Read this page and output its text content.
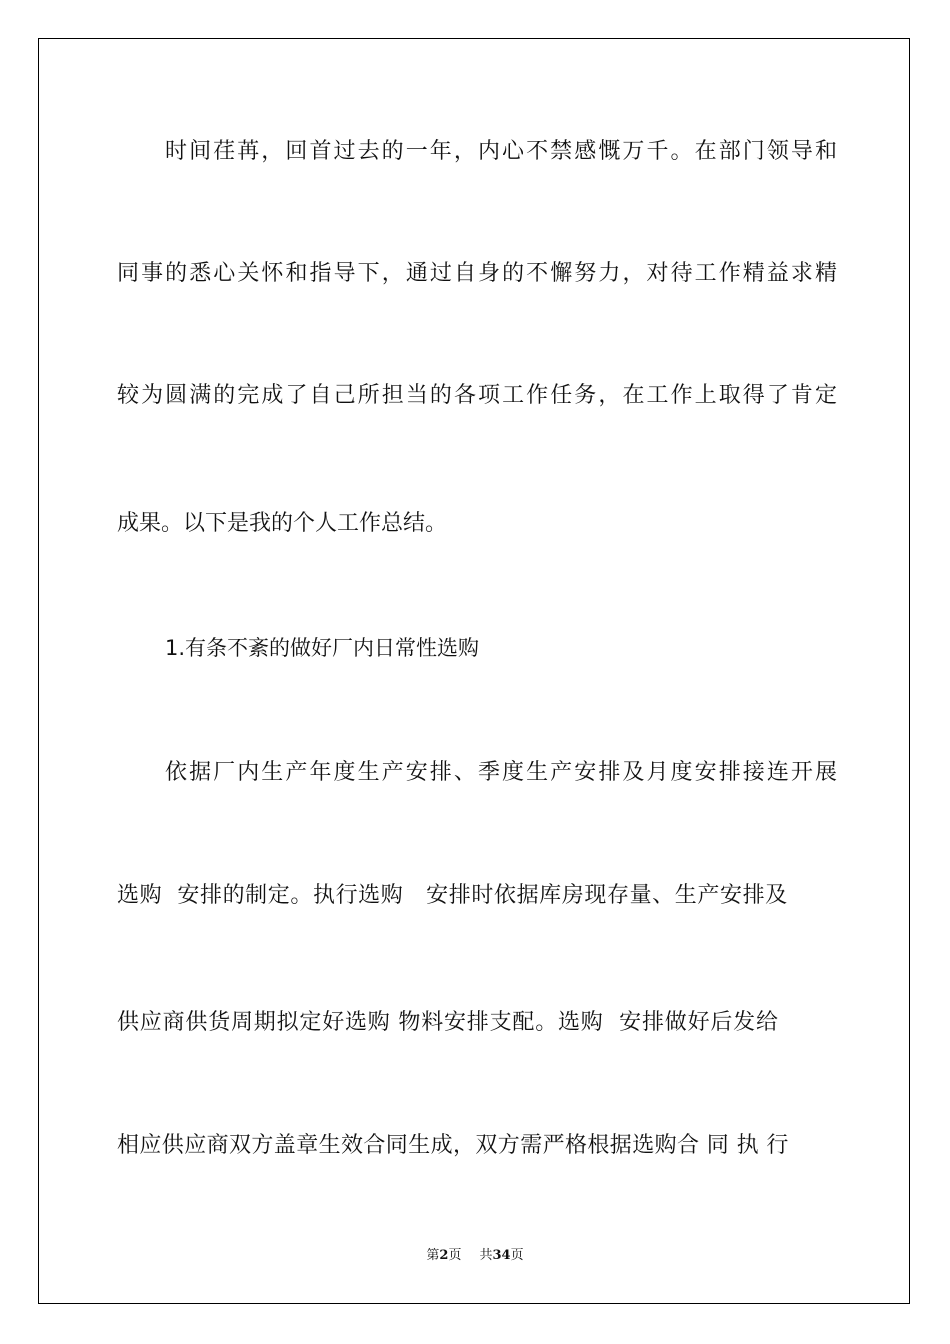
时间荏苒，回首过去的一年，内心不禁感慨万千。在部门领导和
同事的悉心关怀和指导下，通过自身的不懈努力，对待工作精益求精
较为圆满的完成了自己所担当的各项工作任务，在工作上取得了肯定
成果。以下是我的个人工作总结。
1.有条不紊的做好厂内日常性选购
依据厂内生产年度生产安排、季度生产安排及月度安排接连开展
选购  安排的制定。执行选购   安排时依据库房现存量、生产安排及
供应商供货周期拟定好选购 物料安排支配。选购  安排做好后发给
相应供应商双方盖章生效合同生成，双方需严格根据选购合 同 执 行
第2页 共34页
